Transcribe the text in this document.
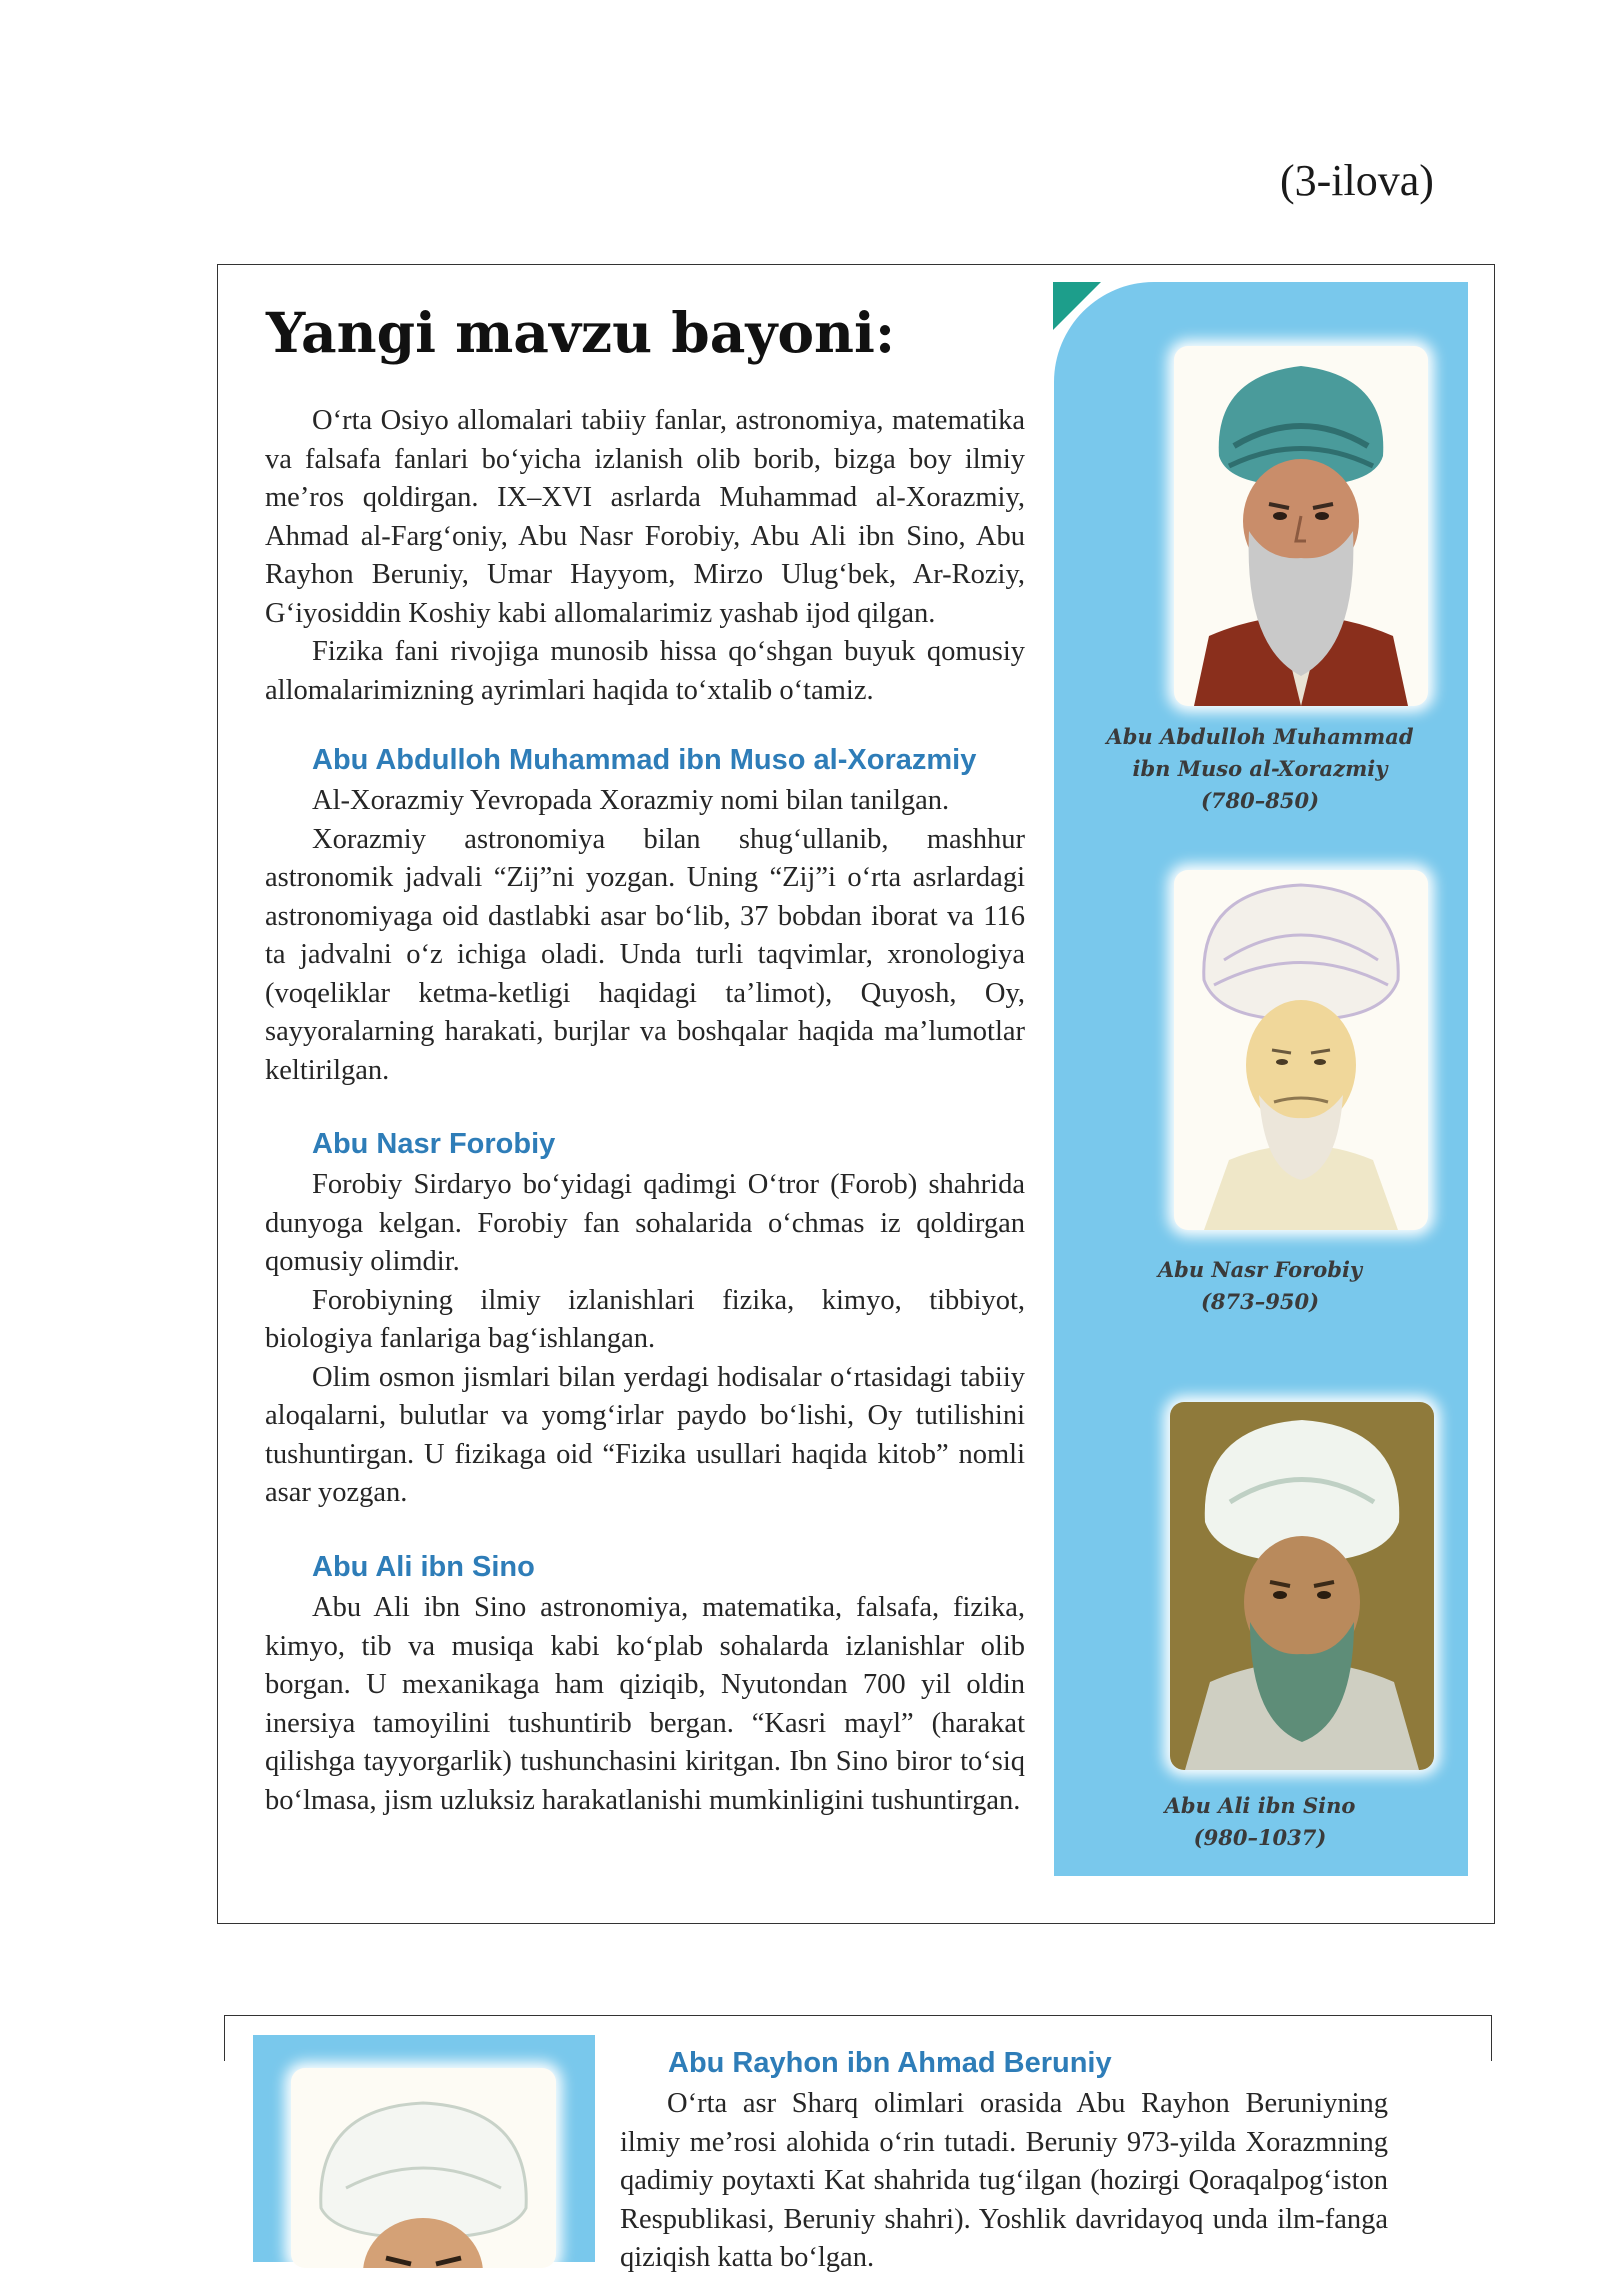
(3-ilova)
Yangi mavzu bayoni:

O‘rta Osiyo allomalari tabiiy fanlar, astronomiya, matematika va falsafa fanlari bo‘yicha izlanish olib borib, bizga boy ilmiy me’ros qoldirgan. IX–XVI asrlarda Muhammad al-Xorazmiy, Ahmad al-Farg‘oniy, Abu Nasr Forobiy, Abu Ali ibn Sino, Abu Rayhon Beruniy, Umar Hayyom, Mirzo Ulug‘bek, Ar-Roziy, G‘iyosiddin Koshiy kabi allomalarimiz yashab ijod qilgan.

Fizika fani rivojiga munosib hissa qo‘shgan buyuk qomusiy allomalarimizning ayrimlari haqida to‘xtalib o‘tamiz.

Abu Abdulloh Muhammad ibn Muso al-Xorazmiy

Al-Xorazmiy Yevropada Xorazmiy nomi bilan tanilgan.

Xorazmiy astronomiya bilan shug‘ullanib, mashhur astronomik jadvali “Zij”ni yozgan. Uning “Zij”i o‘rta asrlardagi astronomiyaga oid dastlabki asar bo‘lib, 37 bobdan iborat va 116 ta jadvalni o‘z ichiga oladi. Unda turli taqvimlar, xronologiya (voqeliklar ketma-ketligi haqidagi ta’limot), Quyosh, Oy, sayyoralarning harakati, burjlar va boshqalar haqida ma’lumotlar keltirilgan.

Abu Nasr Forobiy

Forobiy Sirdaryo bo‘yidagi qadimgi O‘tror (Forob) shahrida dunyoga kelgan. Forobiy fan sohalarida o‘chmas iz qoldirgan qomusiy olimdir.

Forobiyning ilmiy izlanishlari fizika, kimyo, tibbiyot, biologiya fanlariga bag‘ishlangan.

Olim osmon jismlari bilan yerdagi hodisalar o‘rtasidagi tabiiy aloqalarni, bulutlar va yomg‘irlar paydo bo‘lishi, Oy tutilishini tushuntirgan. U fizikaga oid “Fizika usullari haqida kitob” nomli asar yozgan.

Abu Ali ibn Sino

Abu Ali ibn Sino astronomiya, matematika, falsafa, fizika, kimyo, tib va musiqa kabi ko‘plab sohalarda izlanishlar olib borgan. U mexanikaga ham qiziqib, Nyutondan 700 yil oldin inersiya tamoyilini tushuntirib bergan. “Kasri mayl” (harakat qilishga tayyorgarlik) tushunchasini kiritgan. Ibn Sino biror to‘siq bo‘lmasa, jism uzluksiz harakatlanishi mumkinligini tushuntirgan.

Abu Abdulloh Muhammad
ibn Muso al-Xorazmiy
(780–850)
Abu Nasr Forobiy
(873–950)
Abu Ali ibn Sino
(980–1037)
Abu Rayhon ibn Ahmad Beruniy

O‘rta asr Sharq olimlari orasida Abu Rayhon Beruniyning ilmiy me’rosi alohida o‘rin tutadi. Beruniy 973-yilda Xorazmning qadimiy poytaxti Kat shahrida tug‘ilgan (hozirgi Qoraqalpog‘iston Respublikasi, Beruniy shahri). Yoshlik davridayoq unda ilm-fanga qiziqish katta bo‘lgan.
